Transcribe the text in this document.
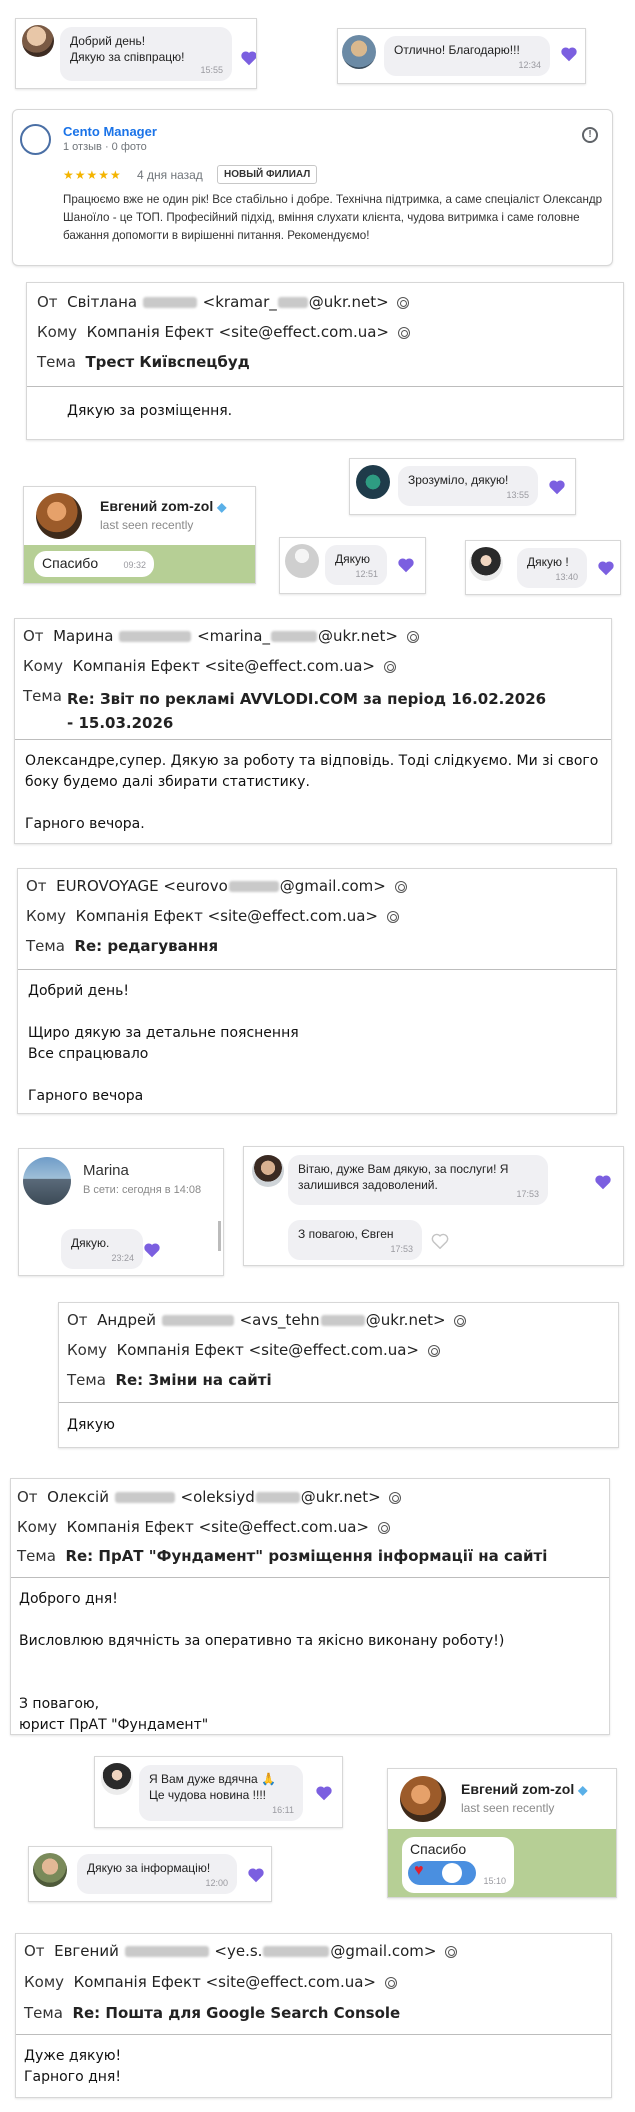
Добрий день!
Дякую за співпрацю!
15:55
Отлично! Благодарю!!!
12:34
Cento Manager
1 отзыв · 0 фото
!
★★★★★ 4 дня назад	НОВЫЙ ФИЛИАЛ
Працюємо вже не один рік! Все стабільно і добре. Технічна підтримка, а саме спеціаліст Олександр Шаноїло - це ТОП. Професійний підхід, вміння слухати клієнта, чудова витримка і саме головне бажання допомогти в вирішенні питання. Рекомендуємо!
От Світлана	<kramar_ @ukr.net>
Кому Компанія Ефект <site@effect.com.ua>
Тема Трест Київспецбуд
Дякую за розміщення.
Евгений zom-zol ◆
last seen recently
Спасибо	09:32
Зрозуміло, дякую!
13:55
Дякую
12:51
Дякую !
13:40
От Марина	<marina_	@ukr.net>
Кому Компанія Ефект <site@effect.com.ua>
Тема Re: Звіт по рекламі AVVLODI.COM за період 16.02.2026 - 15.03.2026
Олександре,супер. Дякую за роботу та відповідь. Тоді слідкуємо. Ми зі свого боку будемо далі збирати статистику.

Гарного вечора.
От EUROVOYAGE <eurovo	@gmail.com>
Кому Компанія Ефект <site@effect.com.ua>
Тема Re: редагування
Добрий день!

Щиро дякую за детальне пояснення
Все спрацювало

Гарного вечора
Marina
В сети: сегодня в 14:08
Дякую.
23:24
Вітаю, дуже Вам дякую, за послуги! Я залишився задоволений.
17:53
З повагою, Євген
17:53
От Андрей	<avs_tehn	@ukr.net>
Кому Компанія Ефект <site@effect.com.ua>
Тема Re: Зміни на сайті
Дякую
От Олексій	<oleksiyd	@ukr.net>
Кому Компанія Ефект <site@effect.com.ua>
Тема Re: ПрАТ "Фундамент" розміщення інформації на сайті
Доброго дня!

Висловлюю вдячність за оперативно та якісно виконану роботу!)

З повагою,
юрист ПрАТ "Фундамент"
Я Вам дуже вдячна 🙏
Це чудова новина !!!!
16:11
Евгений zom-zol ◆
last seen recently
Спасибо
♥
15:10
Дякую за інформацію!
12:00
От Евгений	<ye.s.	@gmail.com>
Кому Компанія Ефект <site@effect.com.ua>
Тема Re: Пошта для Google Search Console
Дуже дякую!
Гарного дня!
